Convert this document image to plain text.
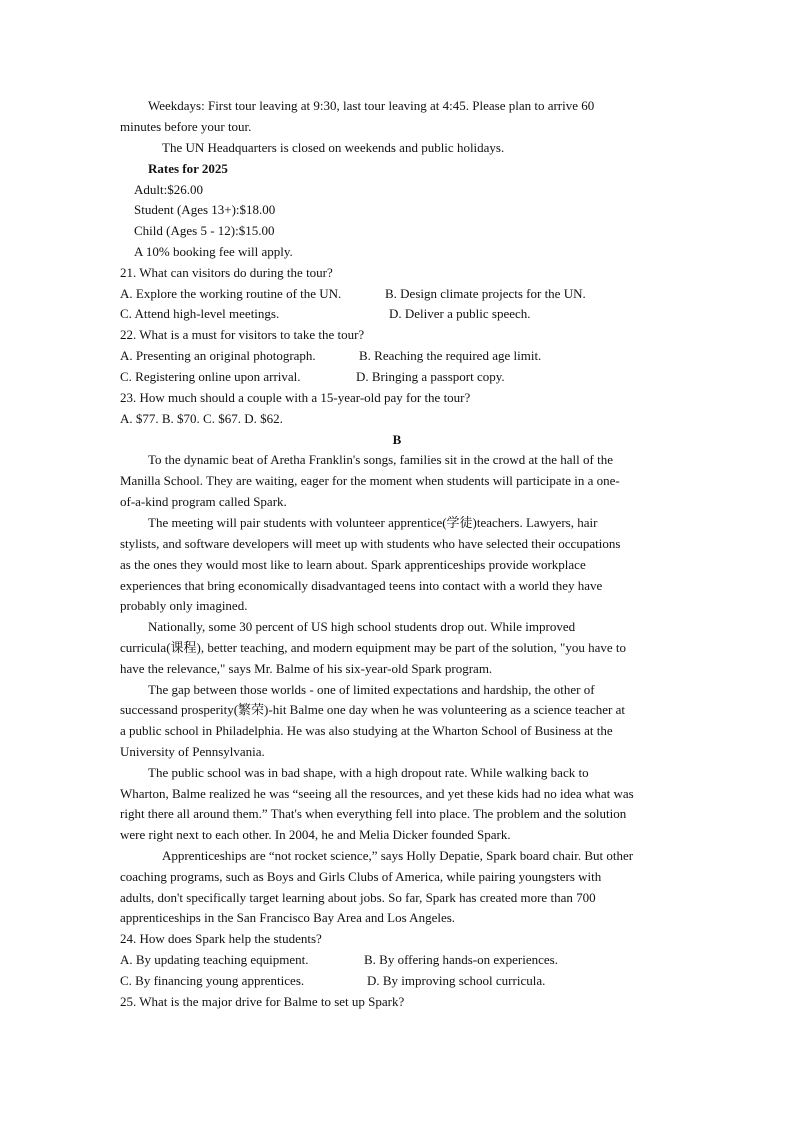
Weekdays: First tour leaving at 9:30, last tour leaving at 4:45. Please plan to arrive 60
minutes before your tour.
The UN Headquarters is closed on weekends and public holidays.
Rates for 2025
Adult:$26.00
Student (Ages 13+):$18.00
Child (Ages 5 - 12):$15.00
A 10% booking fee will apply.
21. What can visitors do during the tour?
A. Explore the working routine of the UN.	B. Design climate projects for the UN.
C. Attend high-level meetings.	D. Deliver a public speech.
22. What is a must for visitors to take the tour?
A. Presenting an original photograph.	B. Reaching the required age limit.
C. Registering online upon arrival.	D. Bringing a passport copy.
23. How much should a couple with a 15-year-old pay for the tour?
A. $77. B. $70. C. $67. D. $62.
B
To the dynamic beat of Aretha Franklin's songs, families sit in the crowd at the hall of the
Manilla School. They are waiting, eager for the moment when students will participate in a one-
of-a-kind program called Spark.
The meeting will pair students with volunteer apprentice(学徒)teachers. Lawyers, hair
stylists, and software developers will meet up with students who have selected their occupations
as the ones they would most like to learn about. Spark apprenticeships provide workplace
experiences that bring economically disadvantaged teens into contact with a world they have
probably only imagined.
Nationally, some 30 percent of US high school students drop out. While improved
curricula(课程), better teaching, and modern equipment may be part of the solution, "you have to
have the relevance," says Mr. Balme of his six-year-old Spark program.
The gap between those worlds - one of limited expectations and hardship, the other of
successand prosperity(繁荣)-hit Balme one day when he was volunteering as a science teacher at
a public school in Philadelphia. He was also studying at the Wharton School of Business at the
University of Pennsylvania.
The public school was in bad shape, with a high dropout rate. While walking back to
Wharton, Balme realized he was “seeing all the resources, and yet these kids had no idea what was
right there all around them.” That's when everything fell into place. The problem and the solution
were right next to each other. In 2004, he and Melia Dicker founded Spark.
Apprenticeships are “not rocket science,” says Holly Depatie, Spark board chair. But other
coaching programs, such as Boys and Girls Clubs of America, while pairing youngsters with
adults, don't specifically target learning about jobs. So far, Spark has created more than 700
apprenticeships in the San Francisco Bay Area and Los Angeles.
24. How does Spark help the students?
A. By updating teaching equipment.	B. By offering hands-on experiences.
C. By financing young apprentices.	D. By improving school curricula.
25. What is the major drive for Balme to set up Spark?
